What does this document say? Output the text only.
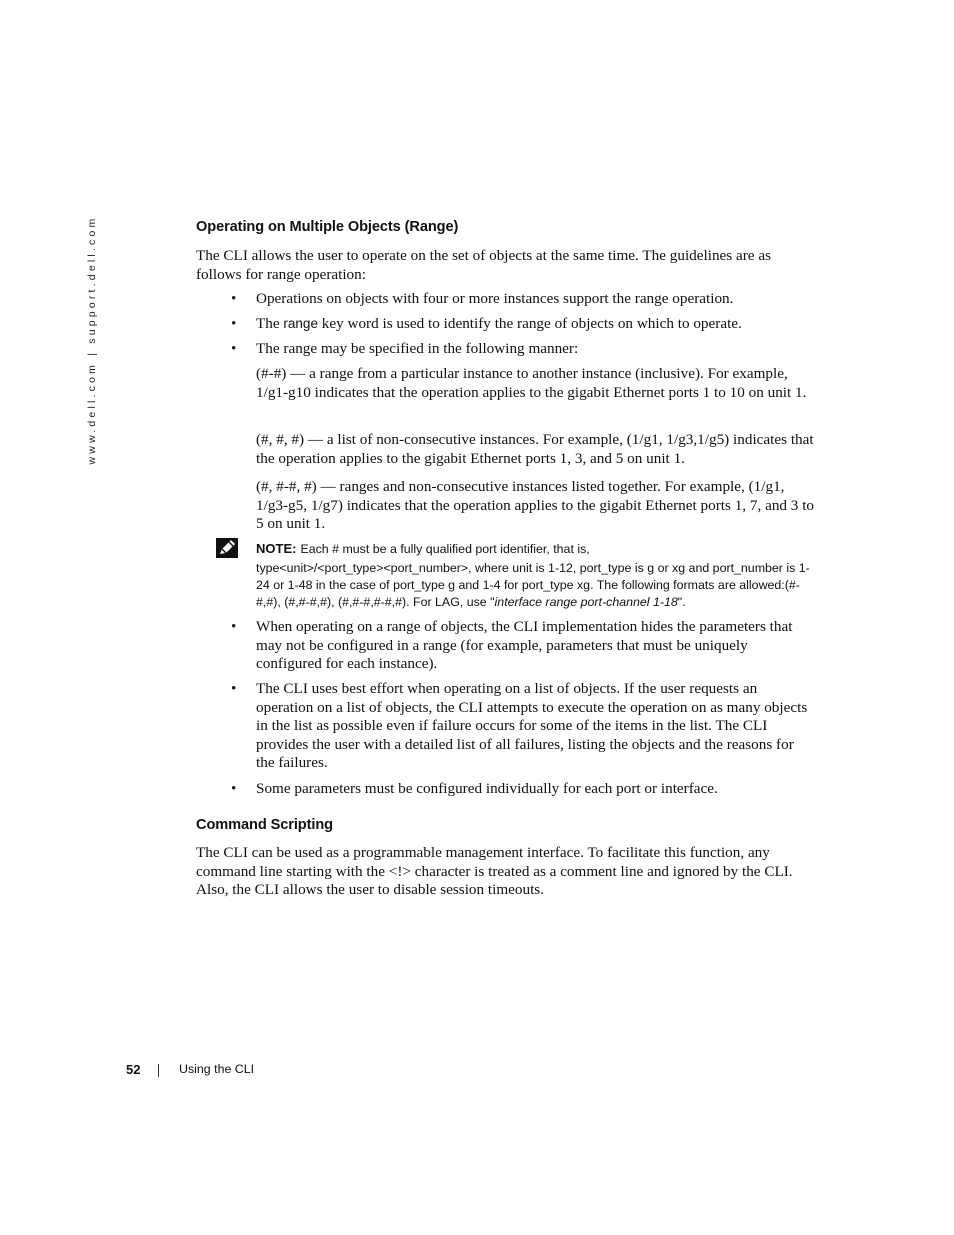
www.dell.com | support.dell.com	Operating on Multiple Objects (Range)

The CLI allows the user to operate on the set of objects at the same time. The guidelines are as follows for range operation:

• Operations on objects with four or more instances support the range operation.

• The range key word is used to identify the range of objects on which to operate.

• The range may be specified in the following manner:

(#-#) — a range from a particular instance to another instance (inclusive). For example, 1/g1-g10 indicates that the operation applies to the gigabit Ethernet ports 1 to 10 on unit 1.

(#, #, #) — a list of non-consecutive instances. For example, (1/g1, 1/g3,1/g5) indicates that the operation applies to the gigabit Ethernet ports 1, 3, and 5 on unit 1.

(#, #-#, #) — ranges and non-consecutive instances listed together. For example, (1/g1, 1/g3-g5, 1/g7) indicates that the operation applies to the gigabit Ethernet ports 1, 7, and 3 to 5 on unit 1.

NOTE: Each # must be a fully qualified port identifier, that is,

type<unit>/<port_type><port_number>, where unit is 1-12, port_type is g or xg and port_number is 1-24 or 1-48 in the case of port_type g and 1-4 for port_type xg. The following formats are allowed:(#-#,#), (#,#-#,#), (#,#-#,#-#,#). For LAG, use "interface range port-channel 1-18".

• When operating on a range of objects, the CLI implementation hides the parameters that may not be configured in a range (for example, parameters that must be uniquely configured for each instance).

• The CLI uses best effort when operating on a list of objects. If the user requests an operation on a list of objects, the CLI attempts to execute the operation on as many objects in the list as possible even if failure occurs for some of the items in the list. The CLI provides the user with a detailed list of all failures, listing the objects and the reasons for the failures.

• Some parameters must be configured individually for each port or interface.

Command Scripting

The CLI can be used as a programmable management interface. To facilitate this function, any command line starting with the <!> character is treated as a comment line and ignored by the CLI. Also, the CLI allows the user to disable session timeouts.

52	Using the CLI
